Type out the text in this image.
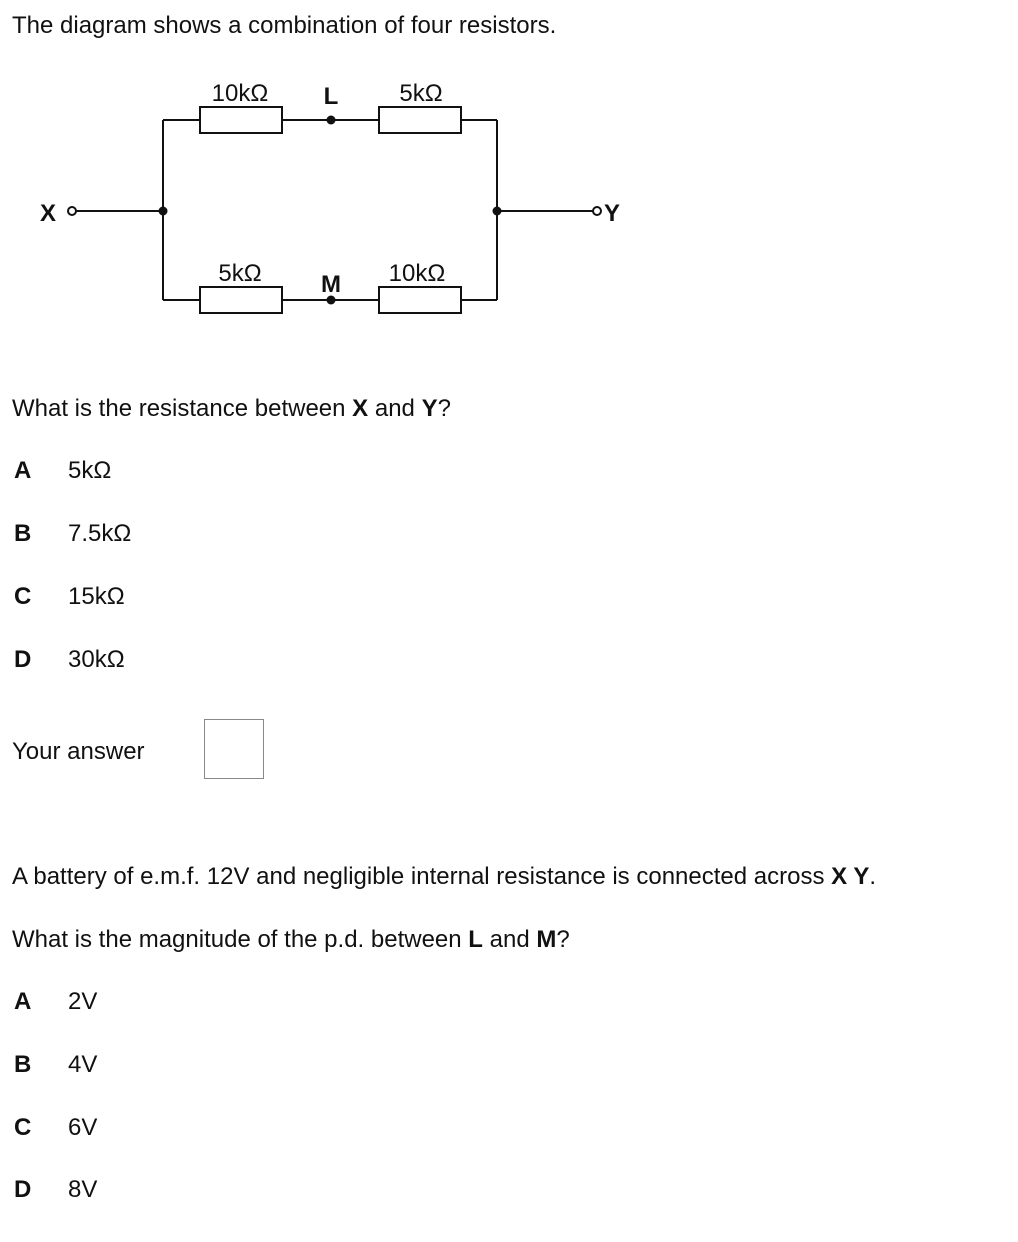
The diagram shows a combination of four resistors.
X	Y
L
M
10kΩ	5kΩ
5kΩ	10kΩ
What is the resistance between X and Y?
A 5kΩ
B 7.5kΩ
C 15kΩ
D 30kΩ
Your answer
A battery of e.m.f. 12V and negligible internal resistance is connected across X Y.
What is the magnitude of the p.d. between L and M?
A 2V
B 4V
C 6V
D 8V
